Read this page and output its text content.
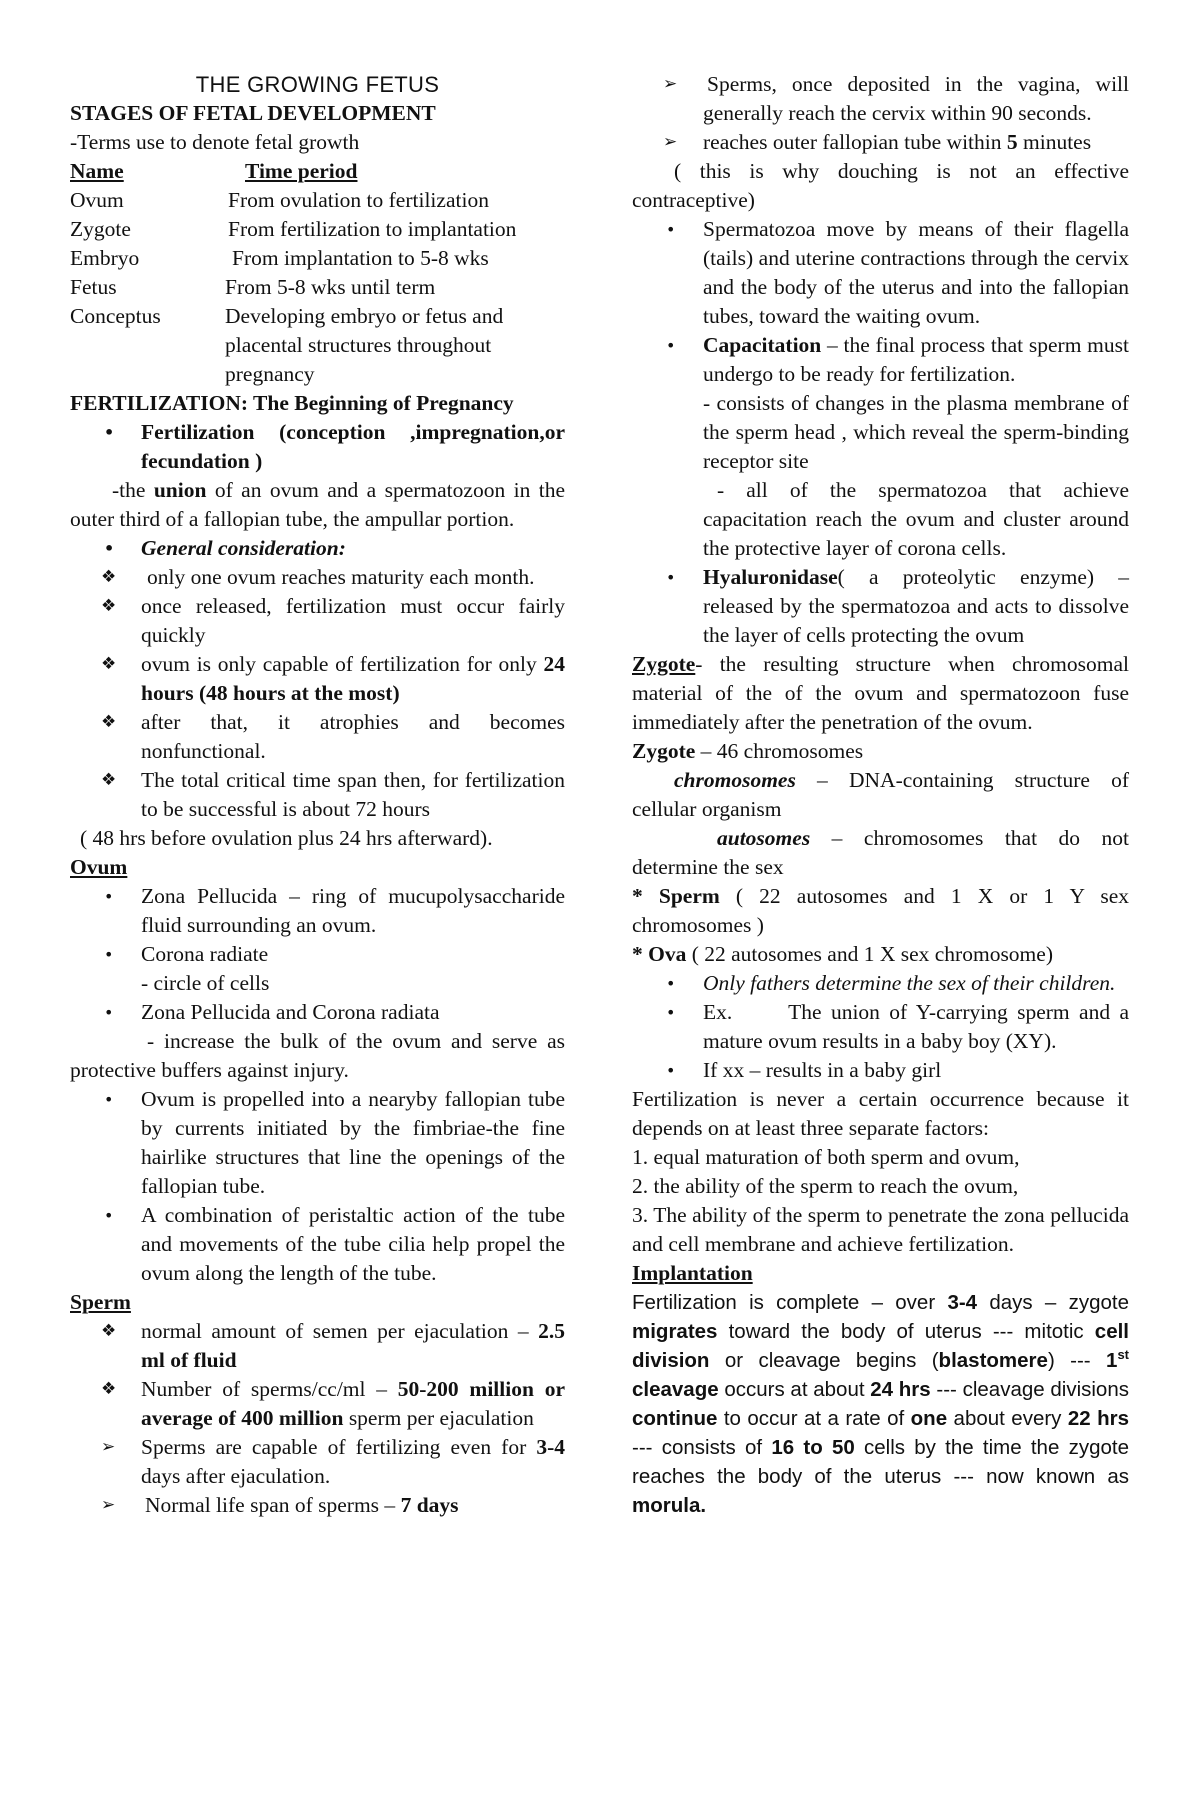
THE GROWING FETUS

STAGES OF FETAL DEVELOPMENT

-Terms use to denote fetal growth

Name	Time period
Ovum	From ovulation to fertilization
Zygote	From fertilization to implantation
Embryo	From implantation to 5-8 wks
Fetus	From 5-8 wks until term
Conceptus	Developing embryo or fetus and placental structures throughout pregnancy

FERTILIZATION: The Beginning of Pregnancy

•	Fertilization (conception ,impregnation,or fecundation )

-the union of an ovum and a spermatozoon in the outer third of a fallopian tube, the ampullar portion.

•	General consideration:
❖	only one ovum reaches maturity each month.
❖	once released, fertilization must occur fairly quickly
❖	ovum is only capable of fertilization for only 24 hours (48 hours at the most)
❖	after that, it atrophies and becomes nonfunctional.
❖	The total critical time span then, for fertilization to be successful is about 72 hours

( 48 hrs before ovulation plus 24 hrs afterward).

Ovum

•	Zona Pellucida – ring of mucupolysaccharide fluid surrounding an ovum.
•	Corona radiate

- circle of cells

•	Zona Pellucida and Corona radiata

- increase the bulk of the ovum and serve as protective buffers against injury.

•	Ovum is propelled into a nearyby fallopian tube by currents initiated by the fimbriae-the fine hairlike structures that line the openings of the fallopian tube.
•	A combination of peristaltic action of the tube and movements of the tube cilia help propel the ovum along the length of the tube.

Sperm

❖	normal amount of semen per ejaculation – 2.5 ml of fluid
❖	Number of sperms/cc/ml – 50-200 million or average of 400 million sperm per ejaculation
➢	Sperms are capable of fertilizing even for 3-4 days after ejaculation.
➢	Normal life span of sperms – 7 days
➢	Sperms, once deposited in the vagina, will generally reach the cervix within 90 seconds.
➢	reaches outer fallopian tube within 5 minutes

( this is why douching is not an effective contraceptive)

•	Spermatozoa move by means of their flagella (tails) and uterine contractions through the cervix and the body of the uterus and into the fallopian tubes, toward the waiting ovum.
•	Capacitation – the final process that sperm must undergo to be ready for fertilization.

- consists of changes in the plasma membrane of the sperm head , which reveal the sperm-binding receptor site

- all of the spermatozoa that achieve capacitation reach the ovum and cluster around the protective layer of corona cells.

•	Hyaluronidase( a proteolytic enzyme) – released by the spermatozoa and acts to dissolve the layer of cells protecting the ovum

Zygote- the resulting structure when chromosomal material of the of the ovum and spermatozoon fuse immediately after the penetration of the ovum.

Zygote – 46 chromosomes

chromosomes – DNA-containing structure of cellular organism

autosomes – chromosomes that do not determine the sex

* Sperm ( 22 autosomes and 1 X or 1 Y sex chromosomes )

* Ova ( 22 autosomes and 1 X sex chromosome)

•	Only fathers determine the sex of their children.
•	Ex.      The union of Y-carrying sperm and a mature ovum results in a baby boy (XY).
•	If xx – results in a baby girl

Fertilization is never a certain occurrence because it depends on at least three separate factors:

1. equal maturation of both sperm and ovum,

2. the ability of the sperm to reach the ovum,

3. The ability of the sperm to penetrate the zona pellucida and cell membrane and achieve fertilization.

Implantation

Fertilization is complete – over 3-4 days – zygote migrates toward the body of uterus --- mitotic cell division or cleavage begins (blastomere) --- 1st cleavage occurs at about 24 hrs --- cleavage divisions continue to occur at a rate of one about every 22 hrs --- consists of 16 to 50 cells by the time the zygote reaches the body of the uterus --- now known as morula.
